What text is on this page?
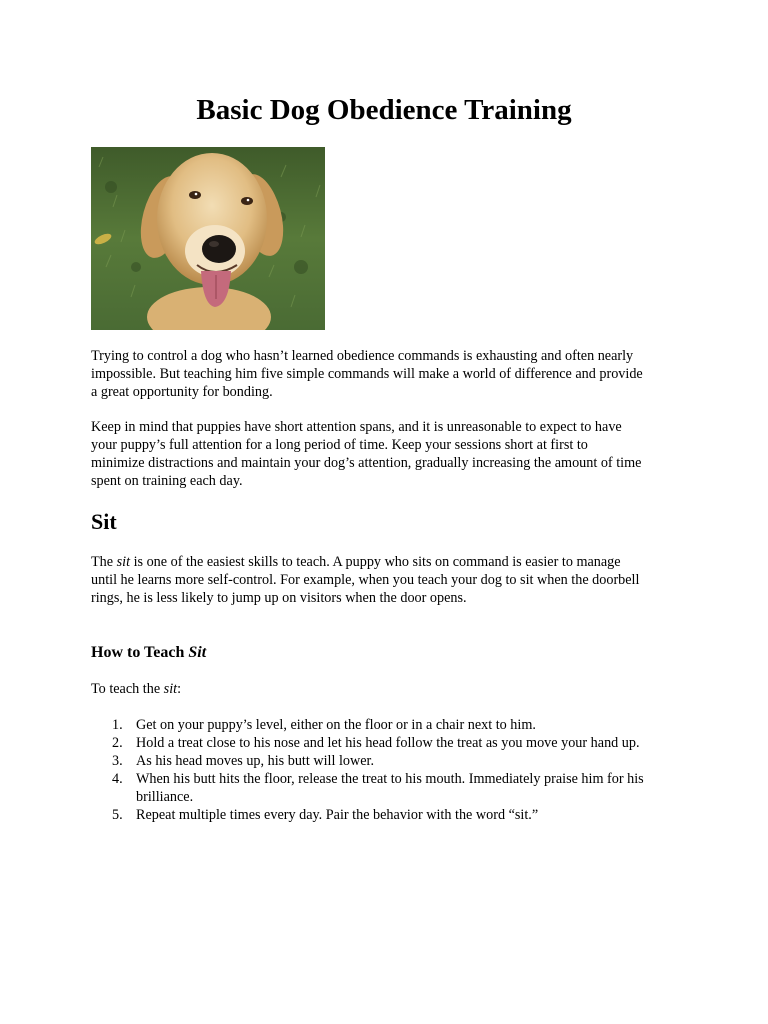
Basic Dog Obedience Training
Trying to control a dog who hasn’t learned obedience commands is exhausting and often nearly
impossible. But teaching him five simple commands will make a world of difference and provide
a great opportunity for bonding.
Keep in mind that puppies have short attention spans, and it is unreasonable to expect to have
your puppy’s full attention for a long period of time. Keep your sessions short at first to
minimize distractions and maintain your dog’s attention, gradually increasing the amount of time
spent on training each day.
Sit
The sit is one of the easiest skills to teach. A puppy who sits on command is easier to manage
until he learns more self-control. For example, when you teach your dog to sit when the doorbell
rings, he is less likely to jump up on visitors when the door opens.
How to Teach Sit
To teach the sit:
1. Get on your puppy’s level, either on the floor or in a chair next to him.
2. Hold a treat close to his nose and let his head follow the treat as you move your hand up.
3. As his head moves up, his butt will lower.
4. When his butt hits the floor, release the treat to his mouth. Immediately praise him for his
brilliance.
5. Repeat multiple times every day. Pair the behavior with the word “sit.”
